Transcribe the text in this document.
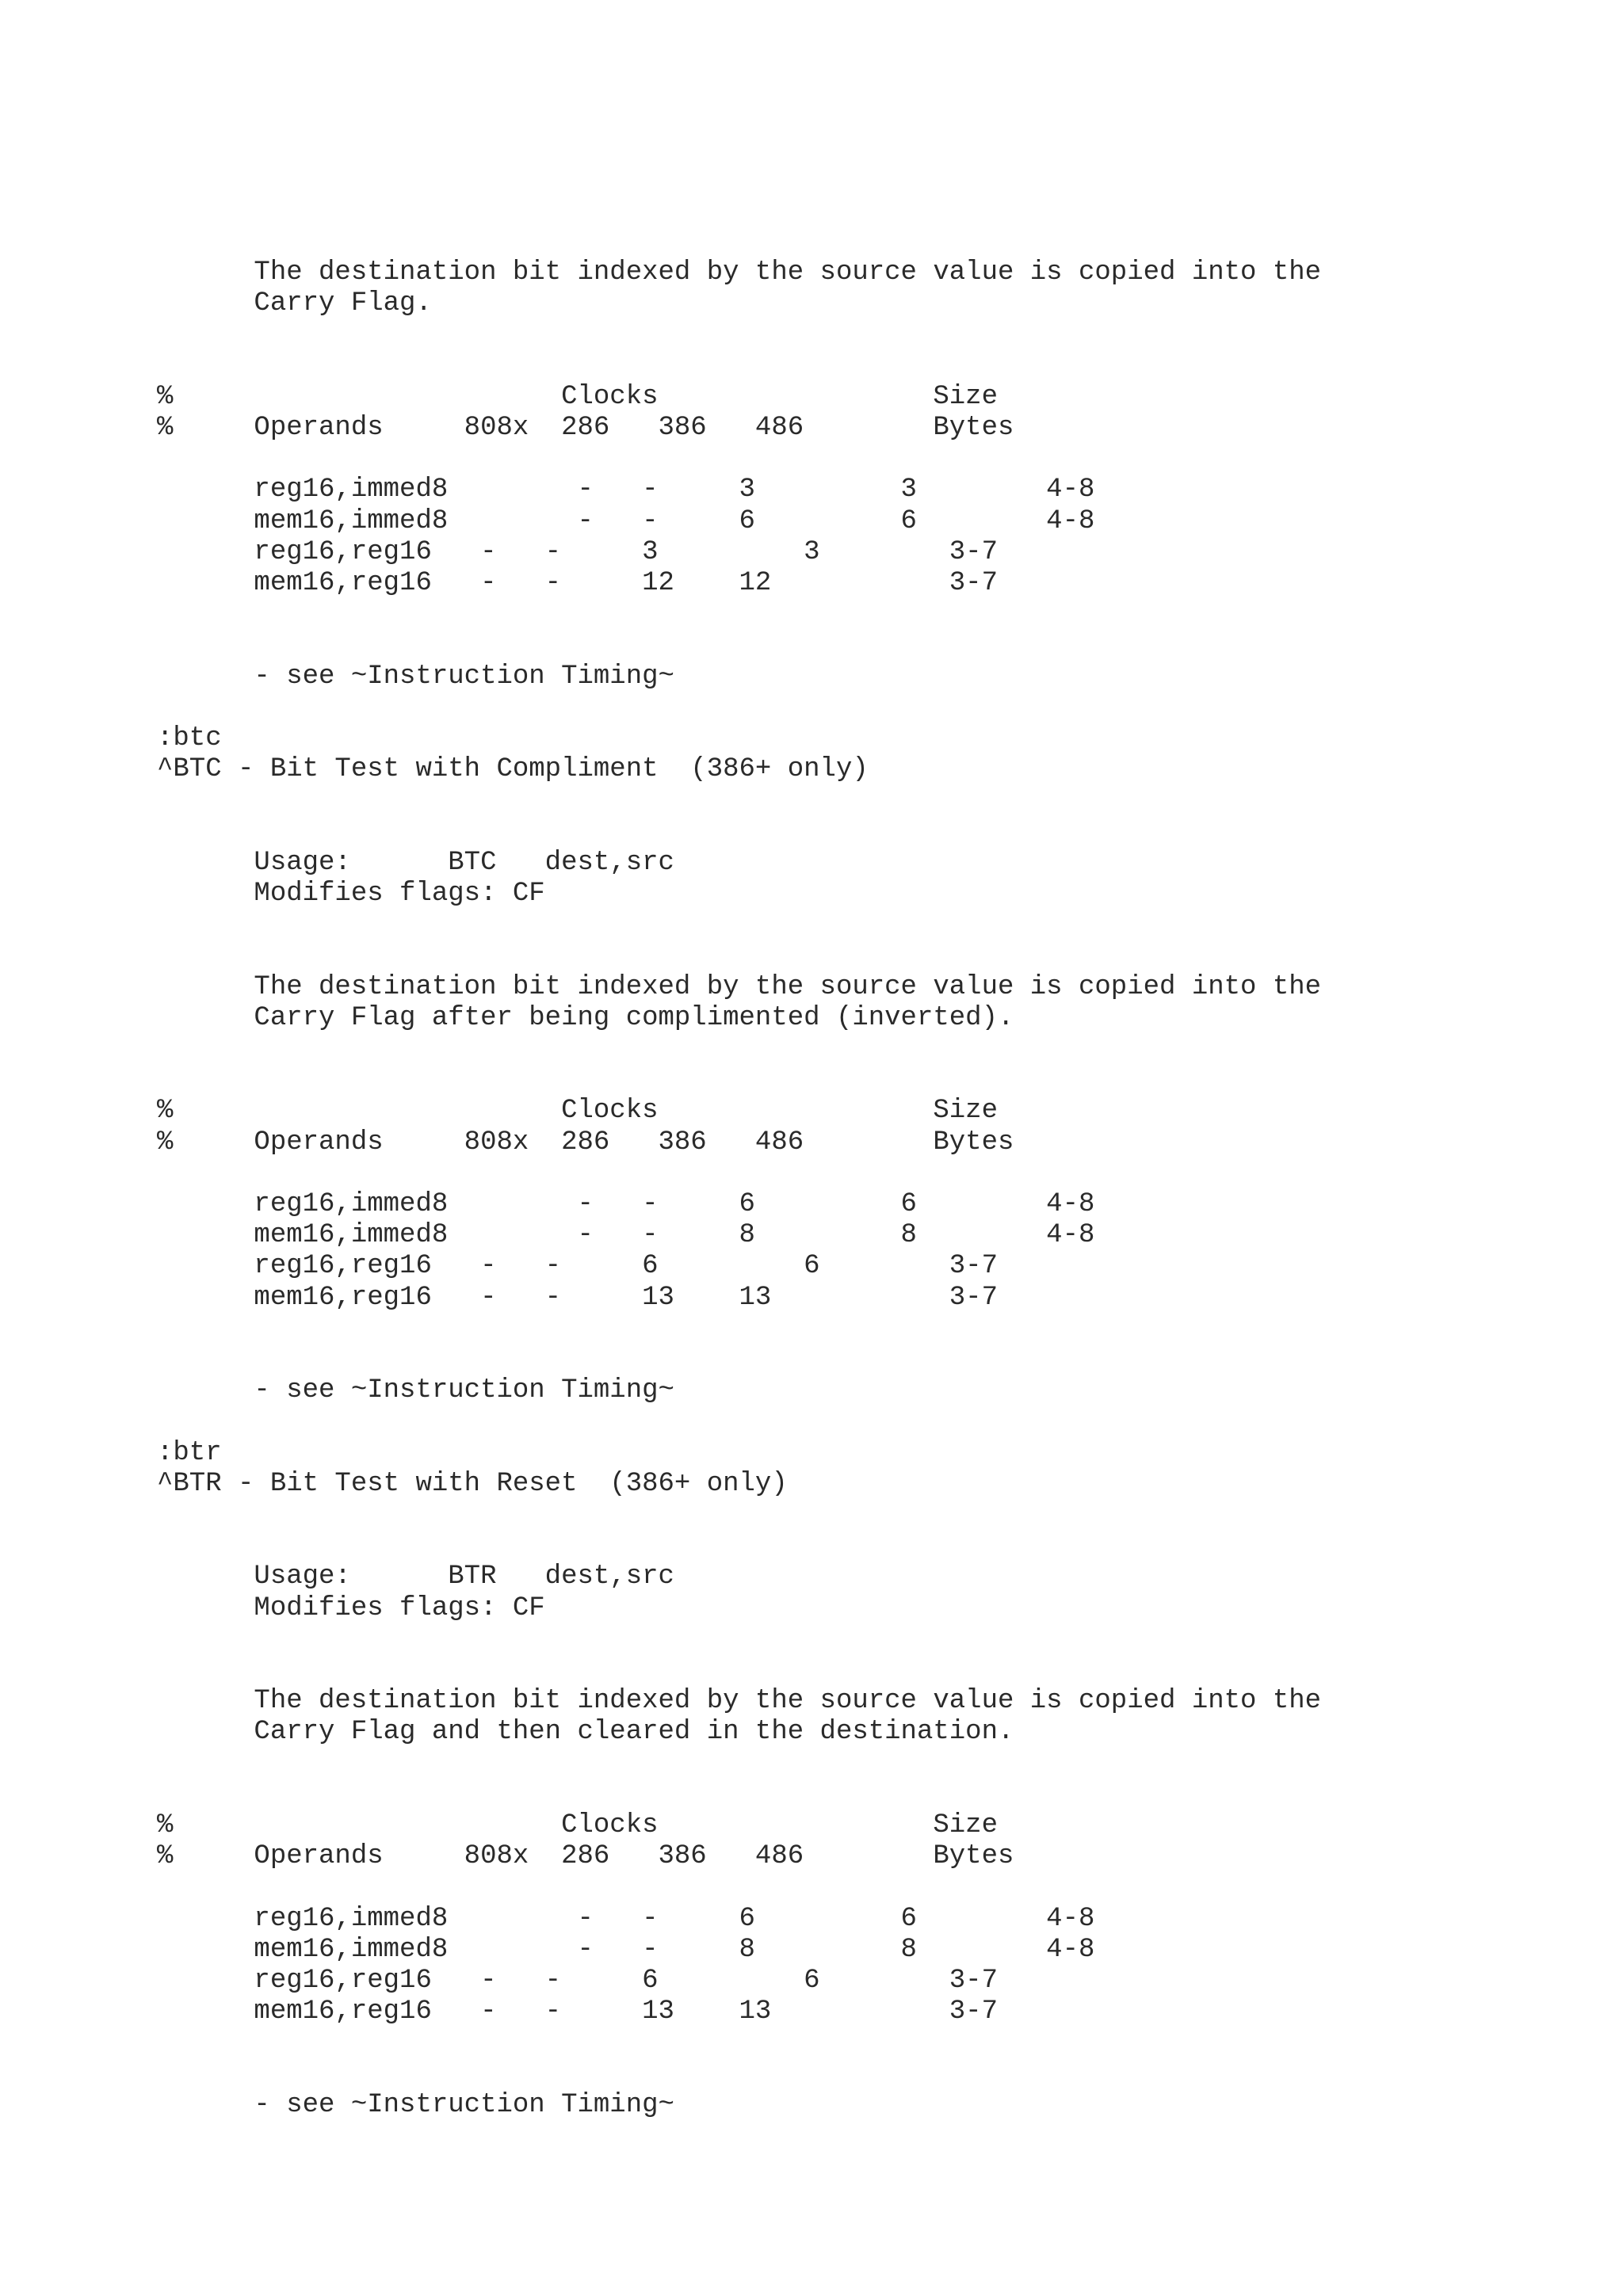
The destination bit indexed by the source value is copied into the

Carry Flag.

%                        Clocks                 Size

%     Operands     808x  286   386   486        Bytes

reg16,immed8        -   -     3         3        4-8

mem16,immed8        -   -     6         6        4-8

reg16,reg16   -   -     3         3        3-7

mem16,reg16   -   -     12    12           3-7

- see ~Instruction Timing~

:btc

^BTC - Bit Test with Compliment  (386+ only)

Usage:      BTC   dest,src

Modifies flags: CF

The destination bit indexed by the source value is copied into the

Carry Flag after being complimented (inverted).

%                        Clocks                 Size

%     Operands     808x  286   386   486        Bytes

reg16,immed8        -   -     6         6        4-8

mem16,immed8        -   -     8         8        4-8

reg16,reg16   -   -     6         6        3-7

mem16,reg16   -   -     13    13           3-7

- see ~Instruction Timing~

:btr

^BTR - Bit Test with Reset  (386+ only)

Usage:      BTR   dest,src

Modifies flags: CF

The destination bit indexed by the source value is copied into the

Carry Flag and then cleared in the destination.

%                        Clocks                 Size

%     Operands     808x  286   386   486        Bytes

reg16,immed8        -   -     6         6        4-8

mem16,immed8        -   -     8         8        4-8

reg16,reg16   -   -     6         6        3-7

mem16,reg16   -   -     13    13           3-7

- see ~Instruction Timing~
